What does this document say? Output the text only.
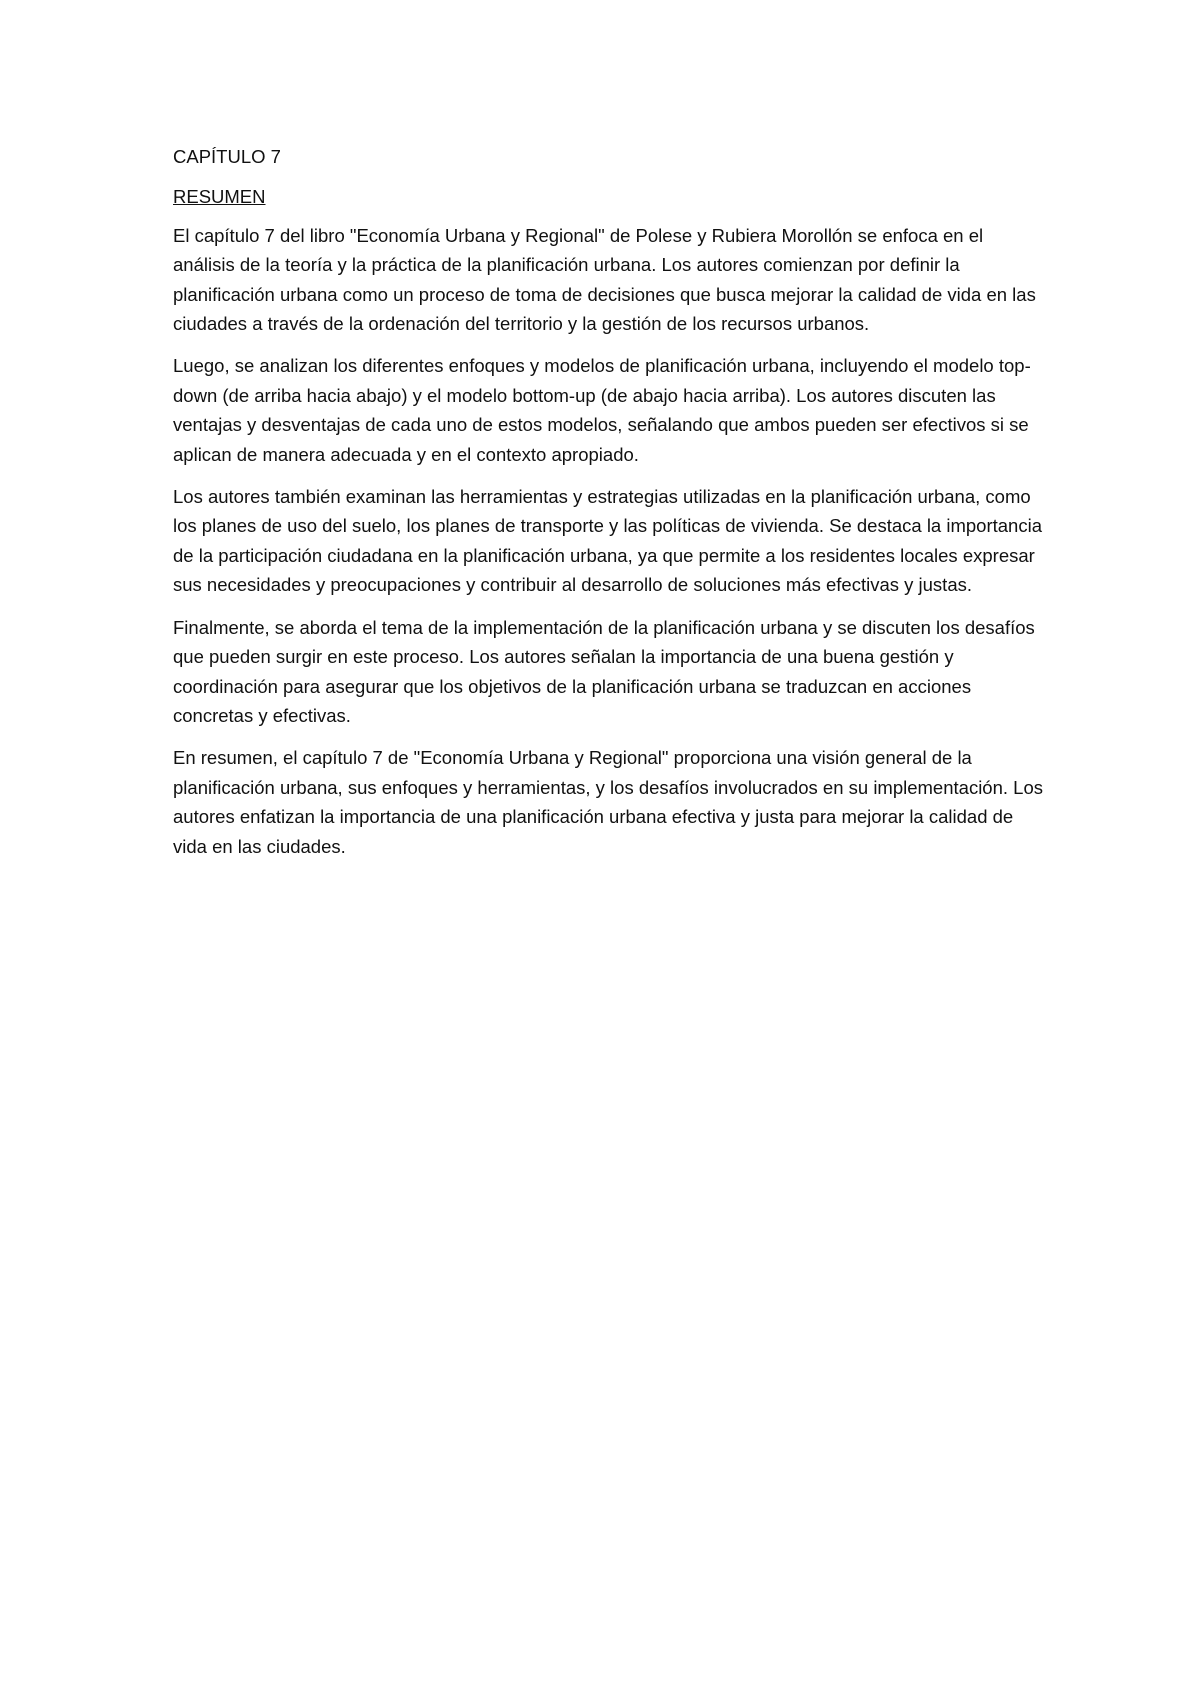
CAPÍTULO 7
RESUMEN

El capítulo 7 del libro "Economía Urbana y Regional" de Polese y Rubiera Morollón se enfoca en el análisis de la teoría y la práctica de la planificación urbana. Los autores comienzan por definir la planificación urbana como un proceso de toma de decisiones que busca mejorar la calidad de vida en las ciudades a través de la ordenación del territorio y la gestión de los recursos urbanos.

Luego, se analizan los diferentes enfoques y modelos de planificación urbana, incluyendo el modelo top-down (de arriba hacia abajo) y el modelo bottom-up (de abajo hacia arriba). Los autores discuten las ventajas y desventajas de cada uno de estos modelos, señalando que ambos pueden ser efectivos si se aplican de manera adecuada y en el contexto apropiado.

Los autores también examinan las herramientas y estrategias utilizadas en la planificación urbana, como los planes de uso del suelo, los planes de transporte y las políticas de vivienda. Se destaca la importancia de la participación ciudadana en la planificación urbana, ya que permite a los residentes locales expresar sus necesidades y preocupaciones y contribuir al desarrollo de soluciones más efectivas y justas.

Finalmente, se aborda el tema de la implementación de la planificación urbana y se discuten los desafíos que pueden surgir en este proceso. Los autores señalan la importancia de una buena gestión y coordinación para asegurar que los objetivos de la planificación urbana se traduzcan en acciones concretas y efectivas.

En resumen, el capítulo 7 de "Economía Urbana y Regional" proporciona una visión general de la planificación urbana, sus enfoques y herramientas, y los desafíos involucrados en su implementación. Los autores enfatizan la importancia de una planificación urbana efectiva y justa para mejorar la calidad de vida en las ciudades.
